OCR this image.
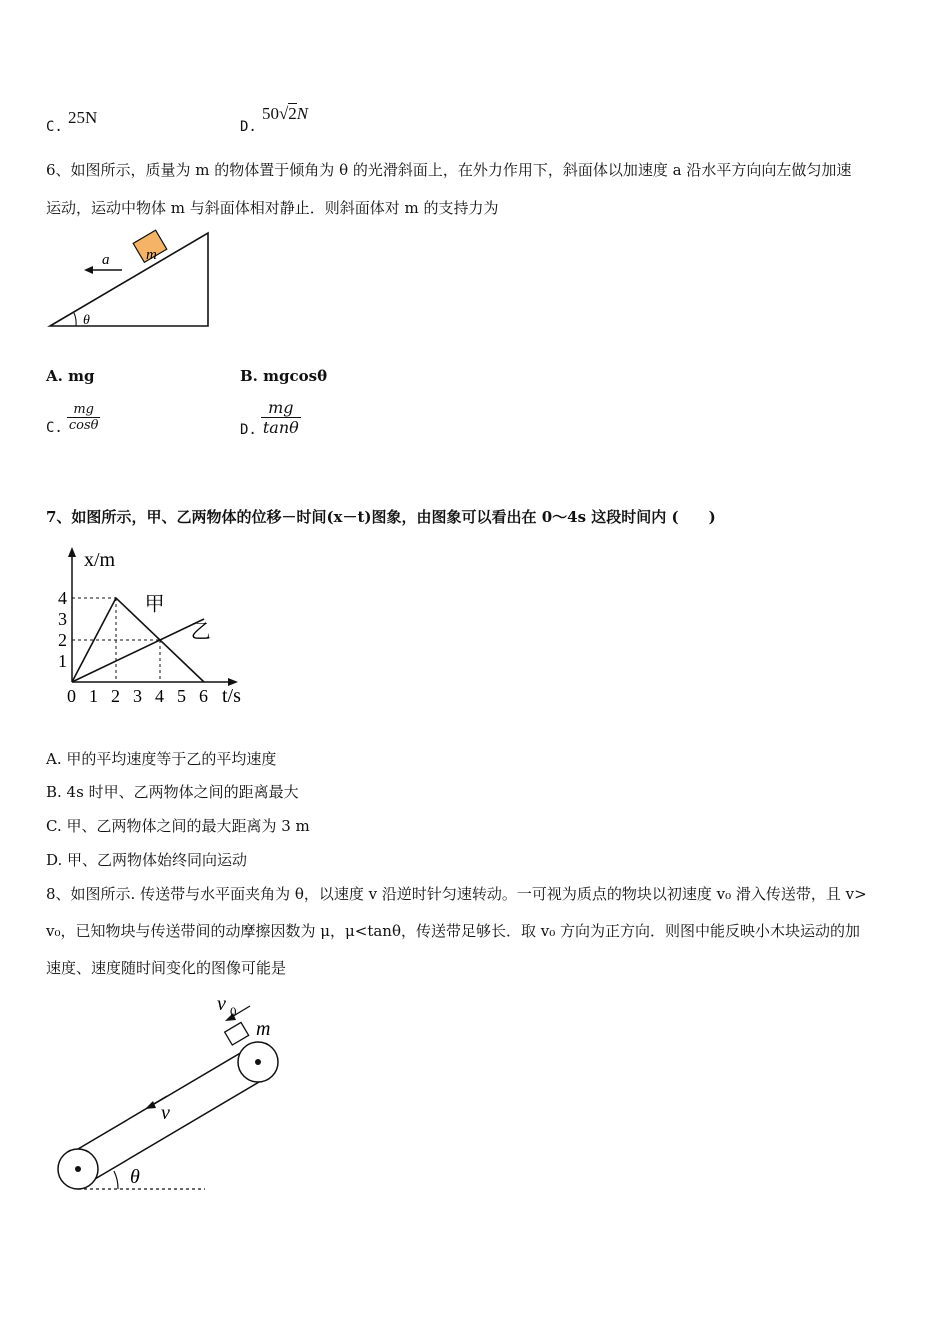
C. 25N	D. 50√2N
6、如图所示，质量为 m 的物体置于倾角为 θ 的光滑斜面上，在外力作用下，斜面体以加速度 a 沿水平方向向左做匀加速
运动，运动中物体 m 与斜面体相对静止．则斜面体对 m 的支持力为
m
a
θ
A. mg	B. mgcosθ
C. $\frac{mg}{\cos\theta}$	D. $\frac{mg}{\tan\theta}$
7、如图所示，甲、乙两物体的位移－时间(x－t)图象，由图象可以看出在 0～4s 这段时间内 (　　)
x/m
t/s
0 1 2 3 4 5 6
1
2
3
4	甲
乙
A. 甲的平均速度等于乙的平均速度
B. 4s 时甲、乙两物体之间的距离最大
C. 甲、乙两物体之间的最大距离为 3 m
D. 甲、乙两物体始终同向运动
8、如图所示. 传送带与水平面夹角为 θ，以速度 v 沿逆时针匀速转动。一可视为质点的物块以初速度 v₀ 滑入传送带，且 v>
v₀，已知物块与传送带间的动摩擦因数为 μ，μ<tanθ，传送带足够长．取 v₀ 方向为正方向．则图中能反映小木块运动的加
速度、速度随时间变化的图像可能是
v 0
m
v
θ
